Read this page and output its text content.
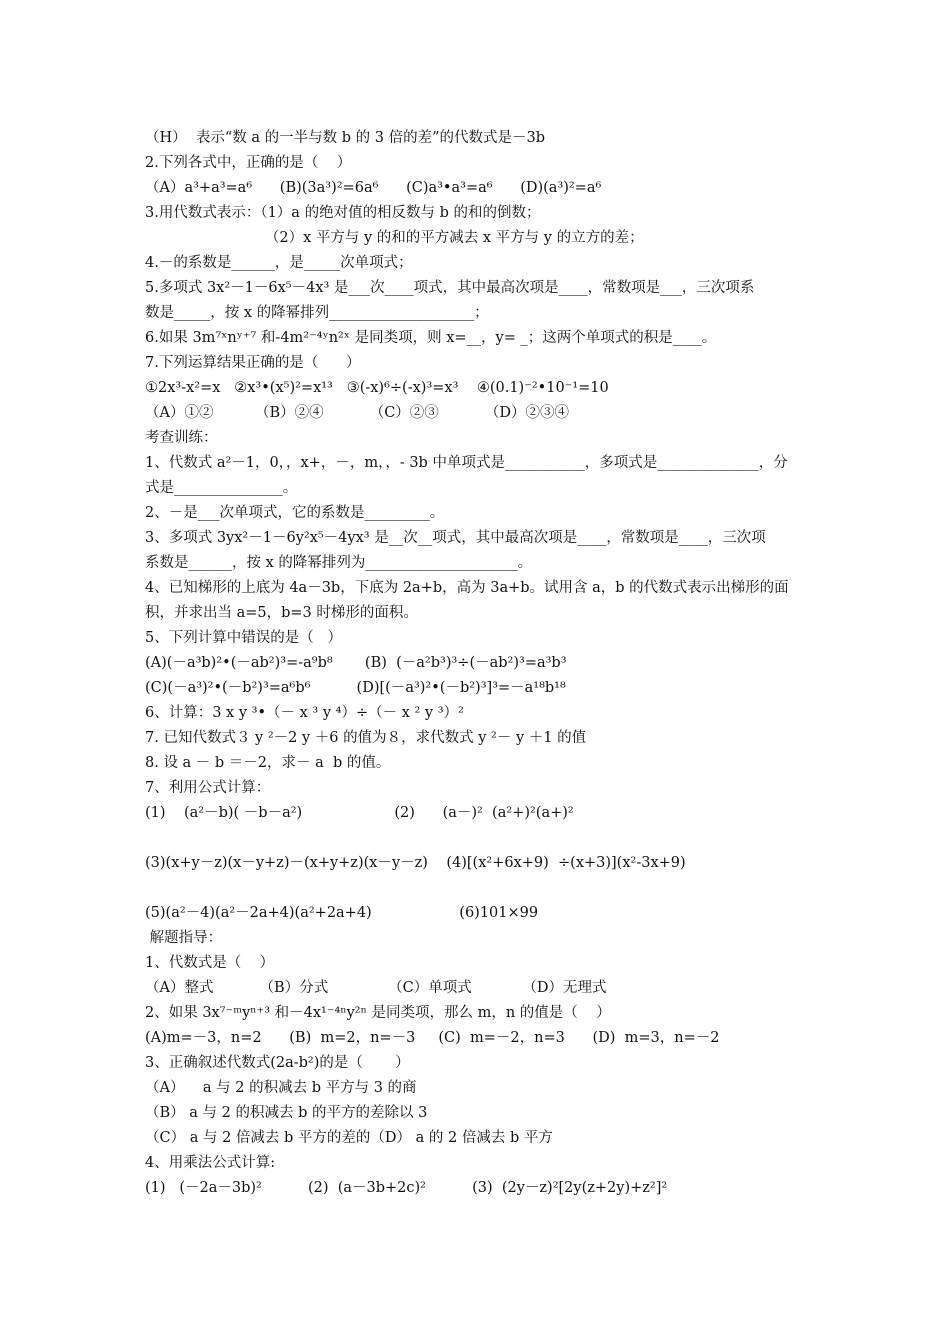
（H）  表示“数 a 的一半与数 b 的 3 倍的差”的代数式是－3b
2.下列各式中，正确的是（    ）
（A）a³+a³=a⁶      (B)(3a³)²=6a⁶      (C)a³•a³=a⁶      (D)(a³)²=a⁶
3.用代数式表示：（1）a 的绝对值的相反数与 b 的和的倒数；
（2）x 平方与 y 的和的平方减去 x 平方与 y 的立方的差；
4.－的系数是______，是_____次单项式；
5.多项式 3x²－1－6x⁵－4x³ 是___次____项式，其中最高次项是____，常数项是___，三次项系
数是_____，按 x 的降幂排列____________________；
6.如果 3m⁷ˣnʸ⁺⁷ 和-4m²⁻⁴ʸn²ˣ 是同类项，则 x=__，y= _；这两个单项式的积是____。
7.下列运算结果正确的是（      ）
①2x³-x²=x   ②x³•(x⁵)²=x¹³   ③(-x)⁶÷(-x)³=x³    ④(0.1)⁻²•10⁻¹=10
（A）①②         （B）②④          （C）②③          （D）②③④
考查训练：
1、代数式 a²－1，0，，x+，－，m，，- 3b 中单项式是___________，多项式是______________，分
式是_______________。
2、－是___次单项式，它的系数是_________。
3、多项式 3yx²－1－6y²x⁵－4yx³ 是__次__项式，其中最高次项是____，常数项是____，三次项
系数是______，按 x 的降幂排列为_____________________。
4、已知梯形的上底为 4a－3b，下底为 2a+b，高为 3a+b。试用含 a，b 的代数式表示出梯形的面
积，并求出当 a=5，b=3 时梯形的面积。
5、下列计算中错误的是（   ）
(A)(－a³b)²•(－ab²)³=-a⁹b⁸       (B)  (－a²b³)³÷(－ab²)³=a³b³
(C)(－a³)²•(－b²)³=a⁶b⁶          (D)[(－a³)²•(－b²)³]³=－a¹⁸b¹⁸
6、计算：3 x y ³•（－ x ³ y ⁴）÷（－ x ² y ³）²
7. 已知代数式３ y ²－2 y ＋6 的值为８，求代数式 y ²－ y ＋1 的值
8. 设 a － b ＝－2，求－ a  b 的值。
7、利用公式计算：
(1)    (a²－b)( －b－a²)                    (2)      (a－)²  (a²+)²(a+)²
(3)(x+y－z)(x－y+z)－(x+y+z)(x－y－z)    (4)[(x²+6x+9)  ÷(x+3)](x²-3x+9)
(5)(a²－4)(a²－2a+4)(a²+2a+4)                   (6)101×99
解题指导：
1、代数式是（    ）
（A）整式          （B）分式             （C）单项式           （D）无理式
2、如果 3x⁷⁻ᵐyⁿ⁺³ 和－4x¹⁻⁴ⁿy²ⁿ 是同类项，那么 m，n 的值是（    ）
(A)m=－3，n=2      (B)  m=2，n=－3     (C)  m=－2，n=3      (D)  m=3，n=－2
3、正确叙述代数式(2a-b²)的是（       ）
（A）    a 与 2 的积减去 b 平方与 3 的商
（B） a 与 2 的积减去 b 的平方的差除以 3
（C） a 与 2 倍减去 b 平方的差的（D） a 的 2 倍减去 b 平方
4、用乘法公式计算:
(1)   (－2a－3b)²          (2)  (a－3b+2c)²          (3)  (2y－z)²[2y(z+2y)+z²]²
